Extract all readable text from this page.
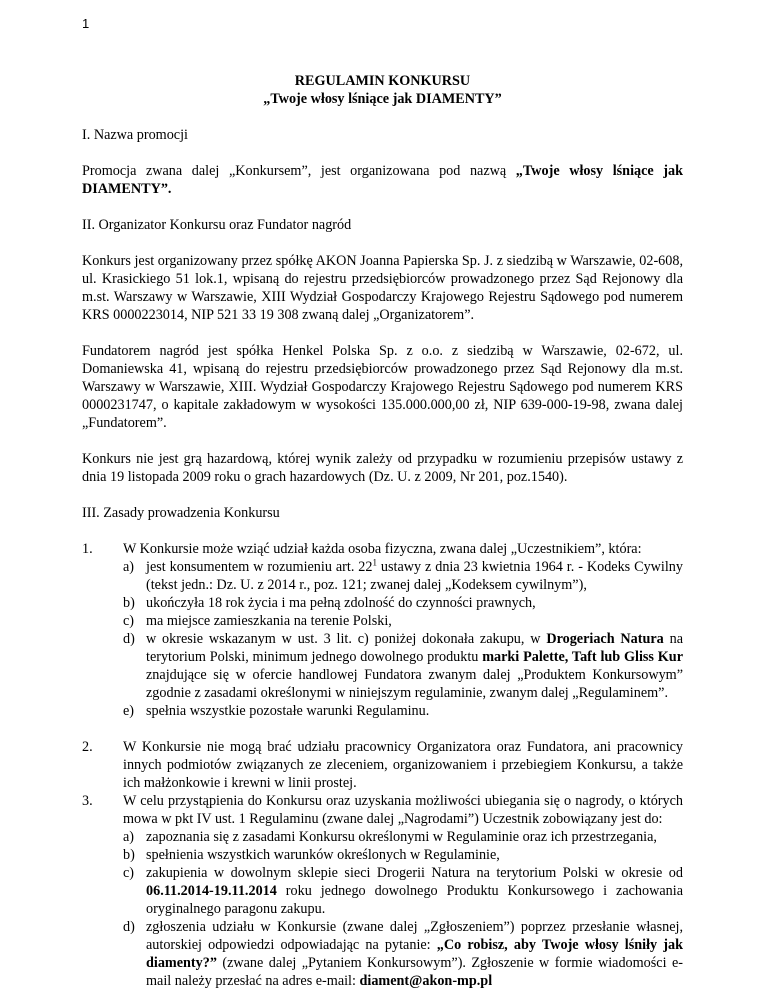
1

REGULAMIN KONKURSU

„Twoje włosy lśniące jak DIAMENTY”

I. Nazwa promocji

Promocja zwana dalej „Konkursem”, jest organizowana pod nazwą „Twoje włosy lśniące jak DIAMENTY”.

II. Organizator Konkursu oraz Fundator nagród

Konkurs jest organizowany przez spółkę AKON Joanna Papierska Sp. J. z siedzibą w Warszawie, 02-608, ul. Krasickiego 51 lok.1, wpisaną do rejestru przedsiębiorców prowadzonego przez Sąd Rejonowy dla m.st. Warszawy w Warszawie, XIII Wydział Gospodarczy Krajowego Rejestru Sądowego pod numerem KRS 0000223014, NIP 521 33 19 308 zwaną dalej „Organizatorem”.

Fundatorem nagród jest spółka Henkel Polska Sp. z o.o. z siedzibą w Warszawie, 02-672, ul. Domaniewska 41, wpisaną do rejestru przedsiębiorców prowadzonego przez Sąd Rejonowy dla m.st. Warszawy w Warszawie, XIII. Wydział Gospodarczy Krajowego Rejestru Sądowego pod numerem KRS 0000231747, o kapitale zakładowym w wysokości 135.000.000,00 zł, NIP 639-000-19-98, zwana dalej „Fundatorem”.

Konkurs nie jest grą hazardową, której wynik zależy od przypadku w rozumieniu przepisów ustawy z dnia 19 listopada 2009 roku o grach hazardowych (Dz. U. z 2009, Nr 201, poz.1540).

III. Zasady prowadzenia Konkursu

1. W Konkursie może wziąć udział każda osoba fizyczna, zwana dalej „Uczestnikiem”, która:
a) jest konsumentem w rozumieniu art. $22^1$ ustawy z dnia 23 kwietnia 1964 r. - Kodeks Cywilny (tekst jedn.: Dz. U. z 2014 r., poz. 121; zwanej dalej „Kodeksem cywilnym”),
b) ukończyła 18 rok życia i ma pełną zdolność do czynności prawnych,
c) ma miejsce zamieszkania na terenie Polski,
d) w okresie wskazanym w ust. 3 lit. c) poniżej dokonała zakupu, w Drogeriach Natura na terytorium Polski, minimum jednego dowolnego produktu marki Palette, Taft lub Gliss Kur znajdujące się w ofercie handlowej Fundatora zwanym dalej „Produktem Konkursowym” zgodnie z zasadami określonymi w niniejszym regulaminie, zwanym dalej „Regulaminem”.
e) spełnia wszystkie pozostałe warunki Regulaminu.
2. W Konkursie nie mogą brać udziału pracownicy Organizatora oraz Fundatora, ani pracownicy innych podmiotów związanych ze zleceniem, organizowaniem i przebiegiem Konkursu, a także ich małżonkowie i krewni w linii prostej.
3. W celu przystąpienia do Konkursu oraz uzyskania możliwości ubiegania się o nagrody, o których mowa w pkt IV ust. 1 Regulaminu (zwane dalej „Nagrodami”) Uczestnik zobowiązany jest do:
a) zapoznania się z zasadami Konkursu określonymi w Regulaminie oraz ich przestrzegania,
b) spełnienia wszystkich warunków określonych w Regulaminie,
c) zakupienia w dowolnym sklepie sieci Drogerii Natura na terytorium Polski w okresie od 06.11.2014-19.11.2014 roku jednego dowolnego Produktu Konkursowego i zachowania oryginalnego paragonu zakupu.
d) zgłoszenia udziału w Konkursie (zwane dalej „Zgłoszeniem”) poprzez przesłanie własnej, autorskiej odpowiedzi odpowiadając na pytanie: „Co robisz, aby Twoje włosy lśniły jak diamenty?” (zwane dalej „Pytaniem Konkursowym”). Zgłoszenie w formie wiadomości e-mail należy przesłać na adres e-mail: diament@akon-mp.pl
